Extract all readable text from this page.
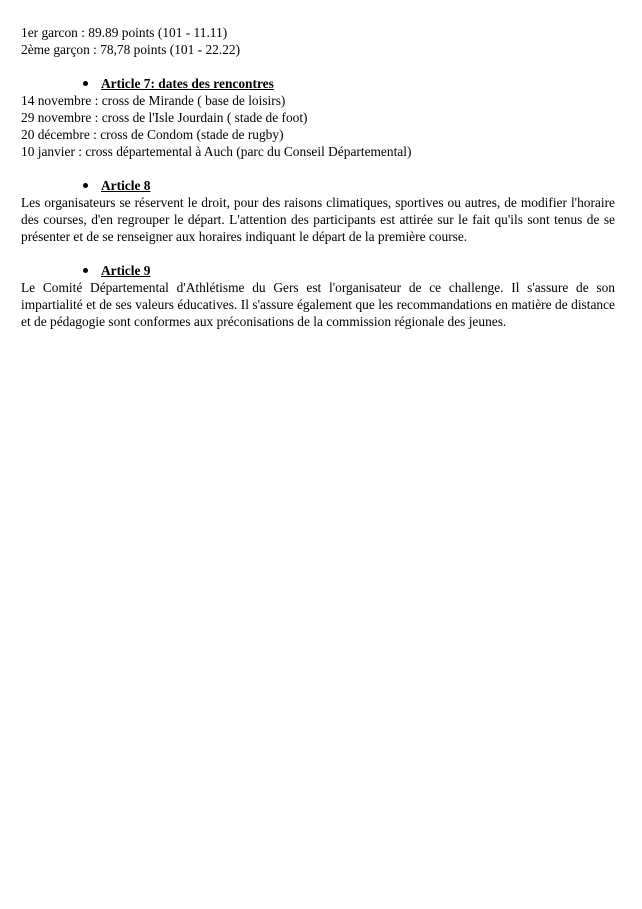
1er garcon : 89.89 points (101 - 11.11)
2ème garçon : 78,78 points (101 - 22.22)
Article 7: dates des rencontres
14 novembre : cross de Mirande ( base de loisirs)
29 novembre : cross de l'Isle Jourdain ( stade de foot)
20 décembre : cross de Condom (stade de rugby)
10 janvier : cross départemental à Auch (parc du Conseil Départemental)
Article 8
Les organisateurs se réservent le droit, pour des raisons climatiques, sportives ou autres, de modifier l'horaire des courses, d'en regrouper le départ. L'attention des participants est attirée sur le fait qu'ils sont tenus de se présenter et de se renseigner aux horaires indiquant le départ de la première course.
Article 9
Le Comité Départemental d'Athlétisme du Gers est l'organisateur de ce challenge. Il s'assure de son impartialité et de ses valeurs éducatives. Il s'assure également que les recommandations en matière de distance et de pédagogie sont conformes aux préconisations de la commission régionale des jeunes.
